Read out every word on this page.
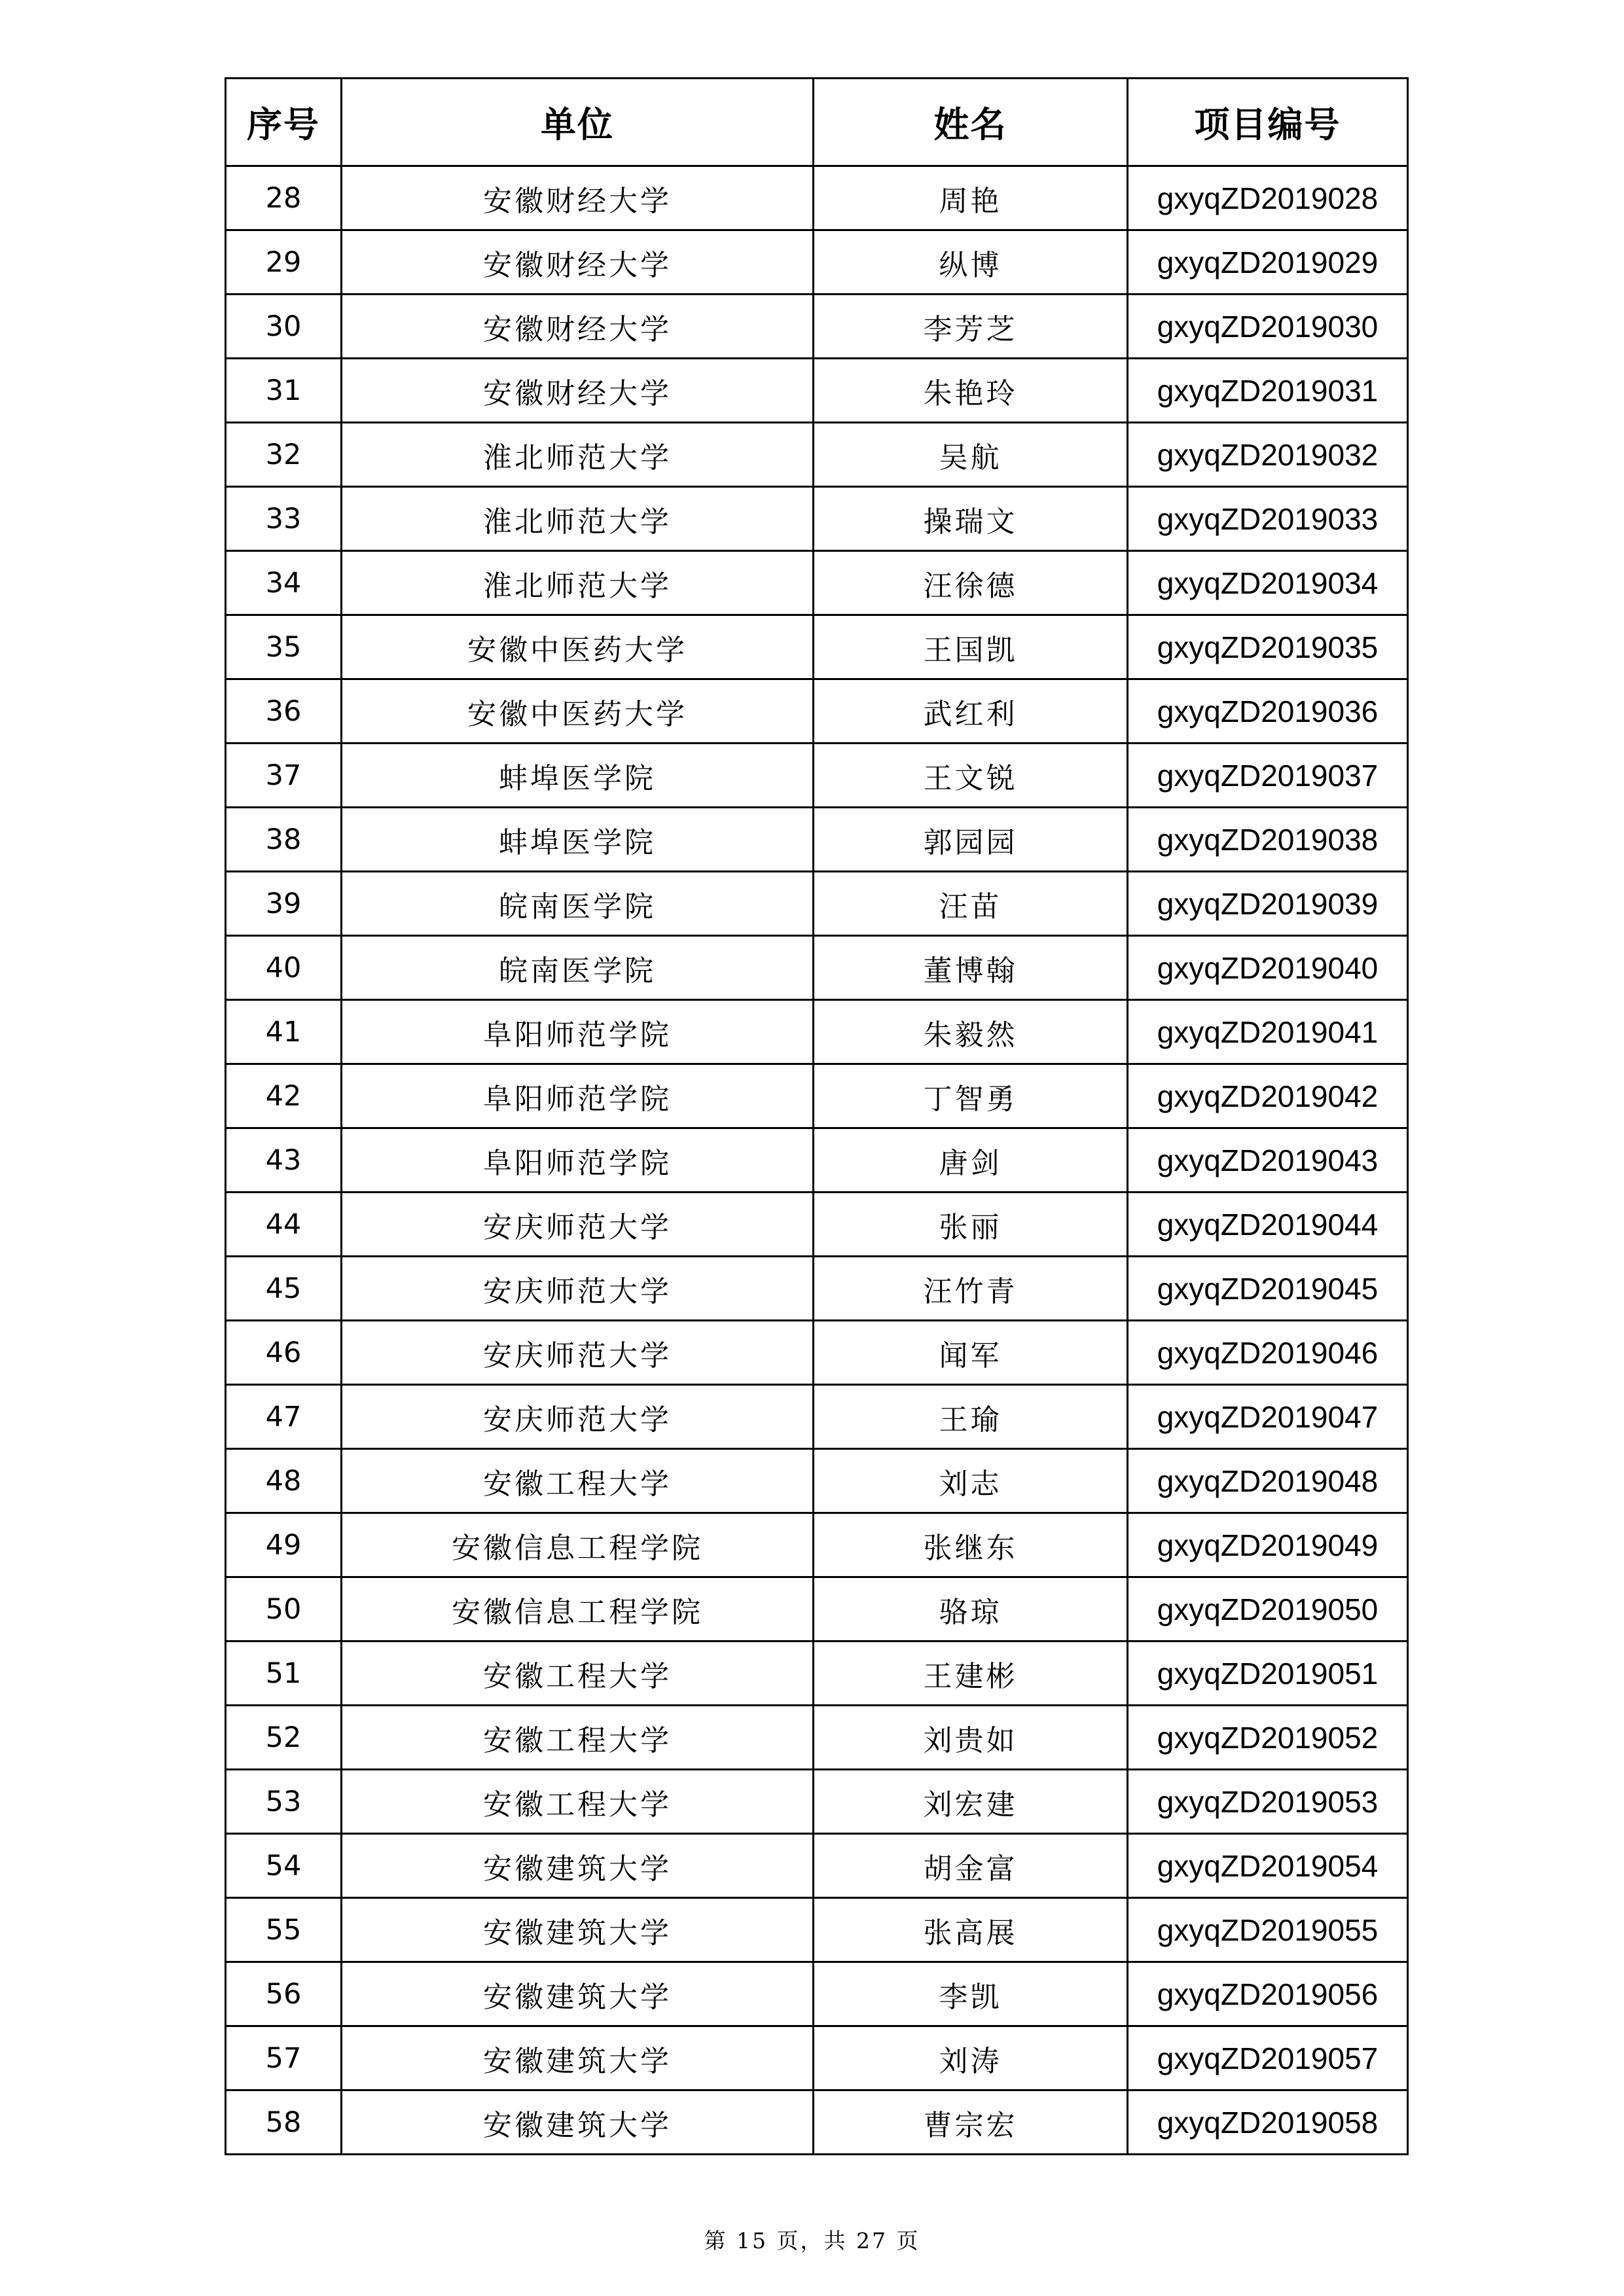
序号	单位	姓名	项目编号
28	安徽财经大学	周艳	gxyqZD2019028
29	安徽财经大学	纵博	gxyqZD2019029
30	安徽财经大学	李芳芝	gxyqZD2019030
31	安徽财经大学	朱艳玲	gxyqZD2019031
32	淮北师范大学	吴航	gxyqZD2019032
33	淮北师范大学	操瑞文	gxyqZD2019033
34	淮北师范大学	汪徐德	gxyqZD2019034
35	安徽中医药大学	王国凯	gxyqZD2019035
36	安徽中医药大学	武红利	gxyqZD2019036
37	蚌埠医学院	王文锐	gxyqZD2019037
38	蚌埠医学院	郭园园	gxyqZD2019038
39	皖南医学院	汪苗	gxyqZD2019039
40	皖南医学院	董博翰	gxyqZD2019040
41	阜阳师范学院	朱毅然	gxyqZD2019041
42	阜阳师范学院	丁智勇	gxyqZD2019042
43	阜阳师范学院	唐剑	gxyqZD2019043
44	安庆师范大学	张丽	gxyqZD2019044
45	安庆师范大学	汪竹青	gxyqZD2019045
46	安庆师范大学	闻军	gxyqZD2019046
47	安庆师范大学	王瑜	gxyqZD2019047
48	安徽工程大学	刘志	gxyqZD2019048
49	安徽信息工程学院	张继东	gxyqZD2019049
50	安徽信息工程学院	骆琼	gxyqZD2019050
51	安徽工程大学	王建彬	gxyqZD2019051
52	安徽工程大学	刘贵如	gxyqZD2019052
53	安徽工程大学	刘宏建	gxyqZD2019053
54	安徽建筑大学	胡金富	gxyqZD2019054
55	安徽建筑大学	张高展	gxyqZD2019055
56	安徽建筑大学	李凯	gxyqZD2019056
57	安徽建筑大学	刘涛	gxyqZD2019057
58	安徽建筑大学	曹宗宏	gxyqZD2019058
第 15 页，共 27 页
